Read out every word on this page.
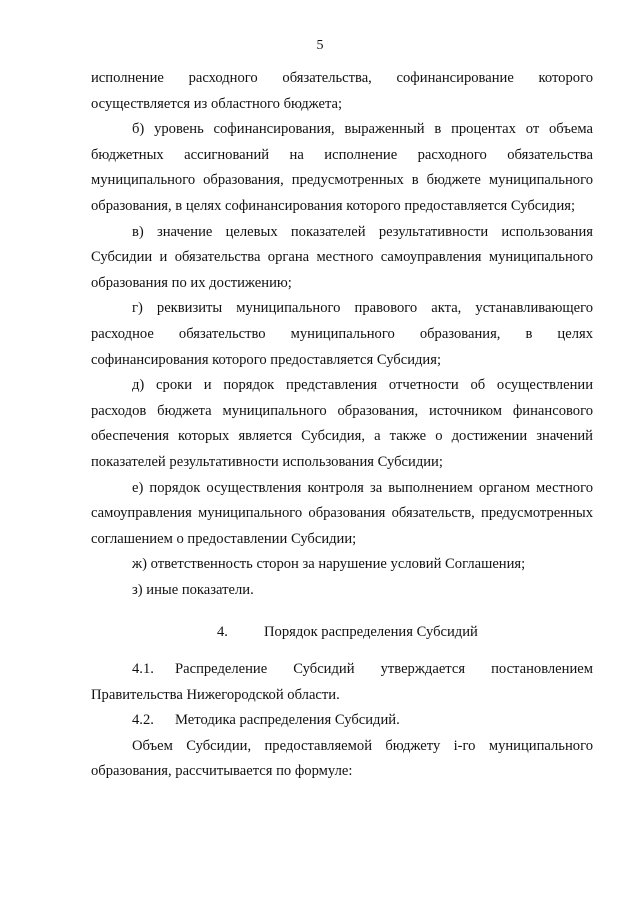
5

исполнение расходного обязательства, софинансирование которого осуществляется из областного бюджета;

б) уровень софинансирования, выраженный в процентах от объема бюджетных ассигнований на исполнение расходного обязательства муниципального образования, предусмотренных в бюджете муниципального образования, в целях софинансирования которого предоставляется Субсидия;

в) значение целевых показателей результативности использования Субсидии и обязательства органа местного самоуправления муниципального образования по их достижению;

г) реквизиты муниципального правового акта, устанавливающего расходное обязательство муниципального образования, в целях софинансирования которого предоставляется Субсидия;

д) сроки и порядок представления отчетности об осуществлении расходов бюджета муниципального образования, источником финансового обеспечения которых является Субсидия, а также о достижении значений показателей результативности использования Субсидии;

е) порядок осуществления контроля за выполнением органом местного самоуправления муниципального образования обязательств, предусмотренных соглашением о предоставлении Субсидии;

ж) ответственность сторон за нарушение условий Соглашения;

з) иные показатели.

4. Порядок распределения Субсидий

4.1. Распределение Субсидий утверждается постановлением Правительства Нижегородской области.

4.2. Методика распределения Субсидий.

Объем Субсидии, предоставляемой бюджету i-го муниципального образования, рассчитывается по формуле:
